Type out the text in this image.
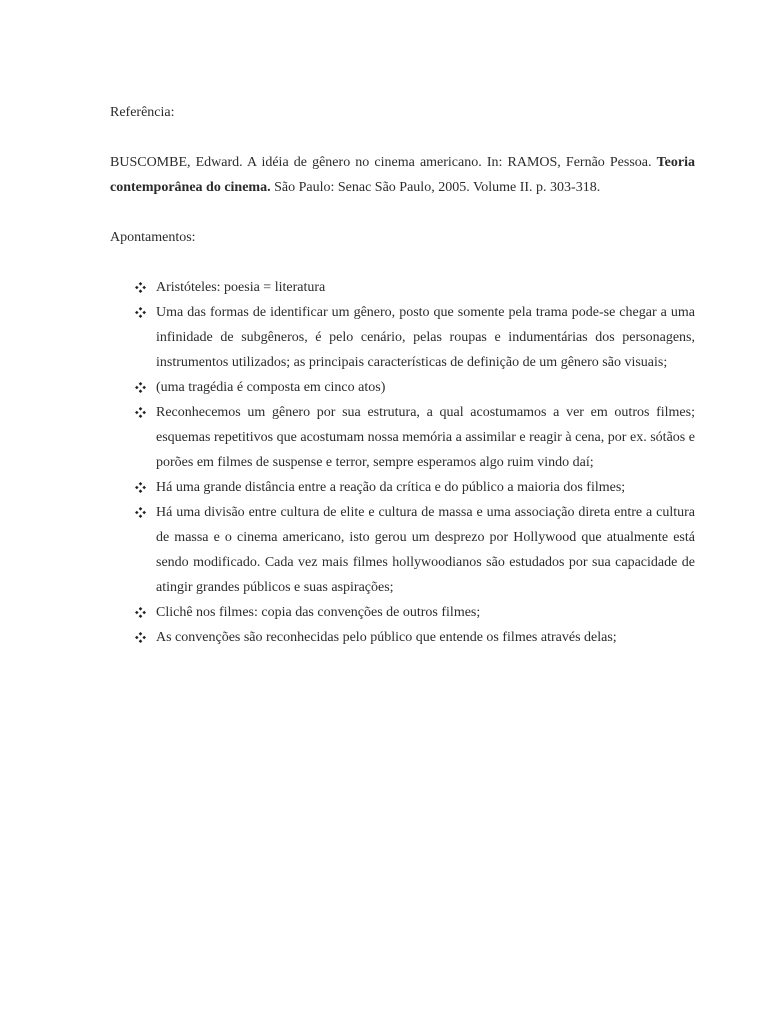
Referência:

BUSCOMBE, Edward. A idéia de gênero no cinema americano. In: RAMOS, Fernão Pessoa. Teoria contemporânea do cinema. São Paulo: Senac São Paulo, 2005. Volume II. p. 303-318.

Apontamentos:

Aristóteles: poesia = literatura
Uma das formas de identificar um gênero, posto que somente pela trama pode-se chegar a uma infinidade de subgêneros, é pelo cenário, pelas roupas e indumentárias dos personagens, instrumentos utilizados; as principais características de definição de um gênero são visuais;
(uma tragédia é composta em cinco atos)
Reconhecemos um gênero por sua estrutura, a qual acostumamos a ver em outros filmes; esquemas repetitivos que acostumam nossa memória a assimilar e reagir à cena, por ex. sótãos e porões em filmes de suspense e terror, sempre esperamos algo ruim vindo daí;
Há uma grande distância entre a reação da crítica e do público a maioria dos filmes;
Há uma divisão entre cultura de elite e cultura de massa e uma associação direta entre a cultura de massa e o cinema americano, isto gerou um desprezo por Hollywood que atualmente está sendo modificado. Cada vez mais filmes hollywoodianos são estudados por sua capacidade de atingir grandes públicos e suas aspirações;
Clichê nos filmes: copia das convenções de outros filmes;
As convenções são reconhecidas pelo público que entende os filmes através delas;
